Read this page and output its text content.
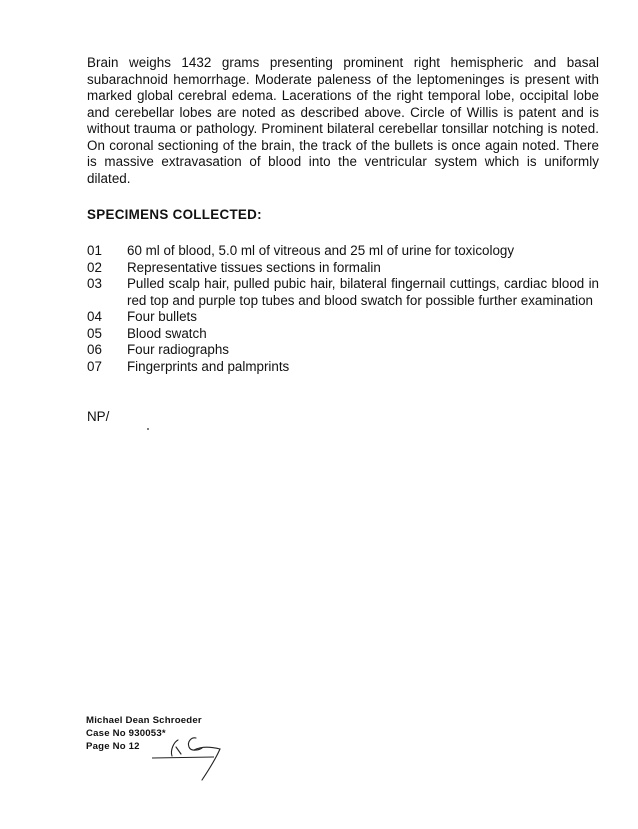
Brain weighs 1432 grams presenting prominent right hemispheric and basal subarachnoid hemorrhage. Moderate paleness of the leptomeninges is present with marked global cerebral edema. Lacerations of the right temporal lobe, occipital lobe and cerebellar lobes are noted as described above. Circle of Willis is patent and is without trauma or pathology. Prominent bilateral cerebellar tonsillar notching is noted. On coronal sectioning of the brain, the track of the bullets is once again noted. There is massive extravasation of blood into the ventricular system which is uniformly dilated.

SPECIMENS COLLECTED:
01	60 ml of blood, 5.0 ml of vitreous and 25 ml of urine for toxicology
02	Representative tissues sections in formalin
03	Pulled scalp hair, pulled pubic hair, bilateral fingernail cuttings, cardiac blood in red top and purple top tubes and blood swatch for possible further examination
04	Four bullets
05	Blood swatch
06	Four radiographs
07	Fingerprints and palmprints
NP/
Michael Dean Schroeder
Case No 930053*
Page No 12
